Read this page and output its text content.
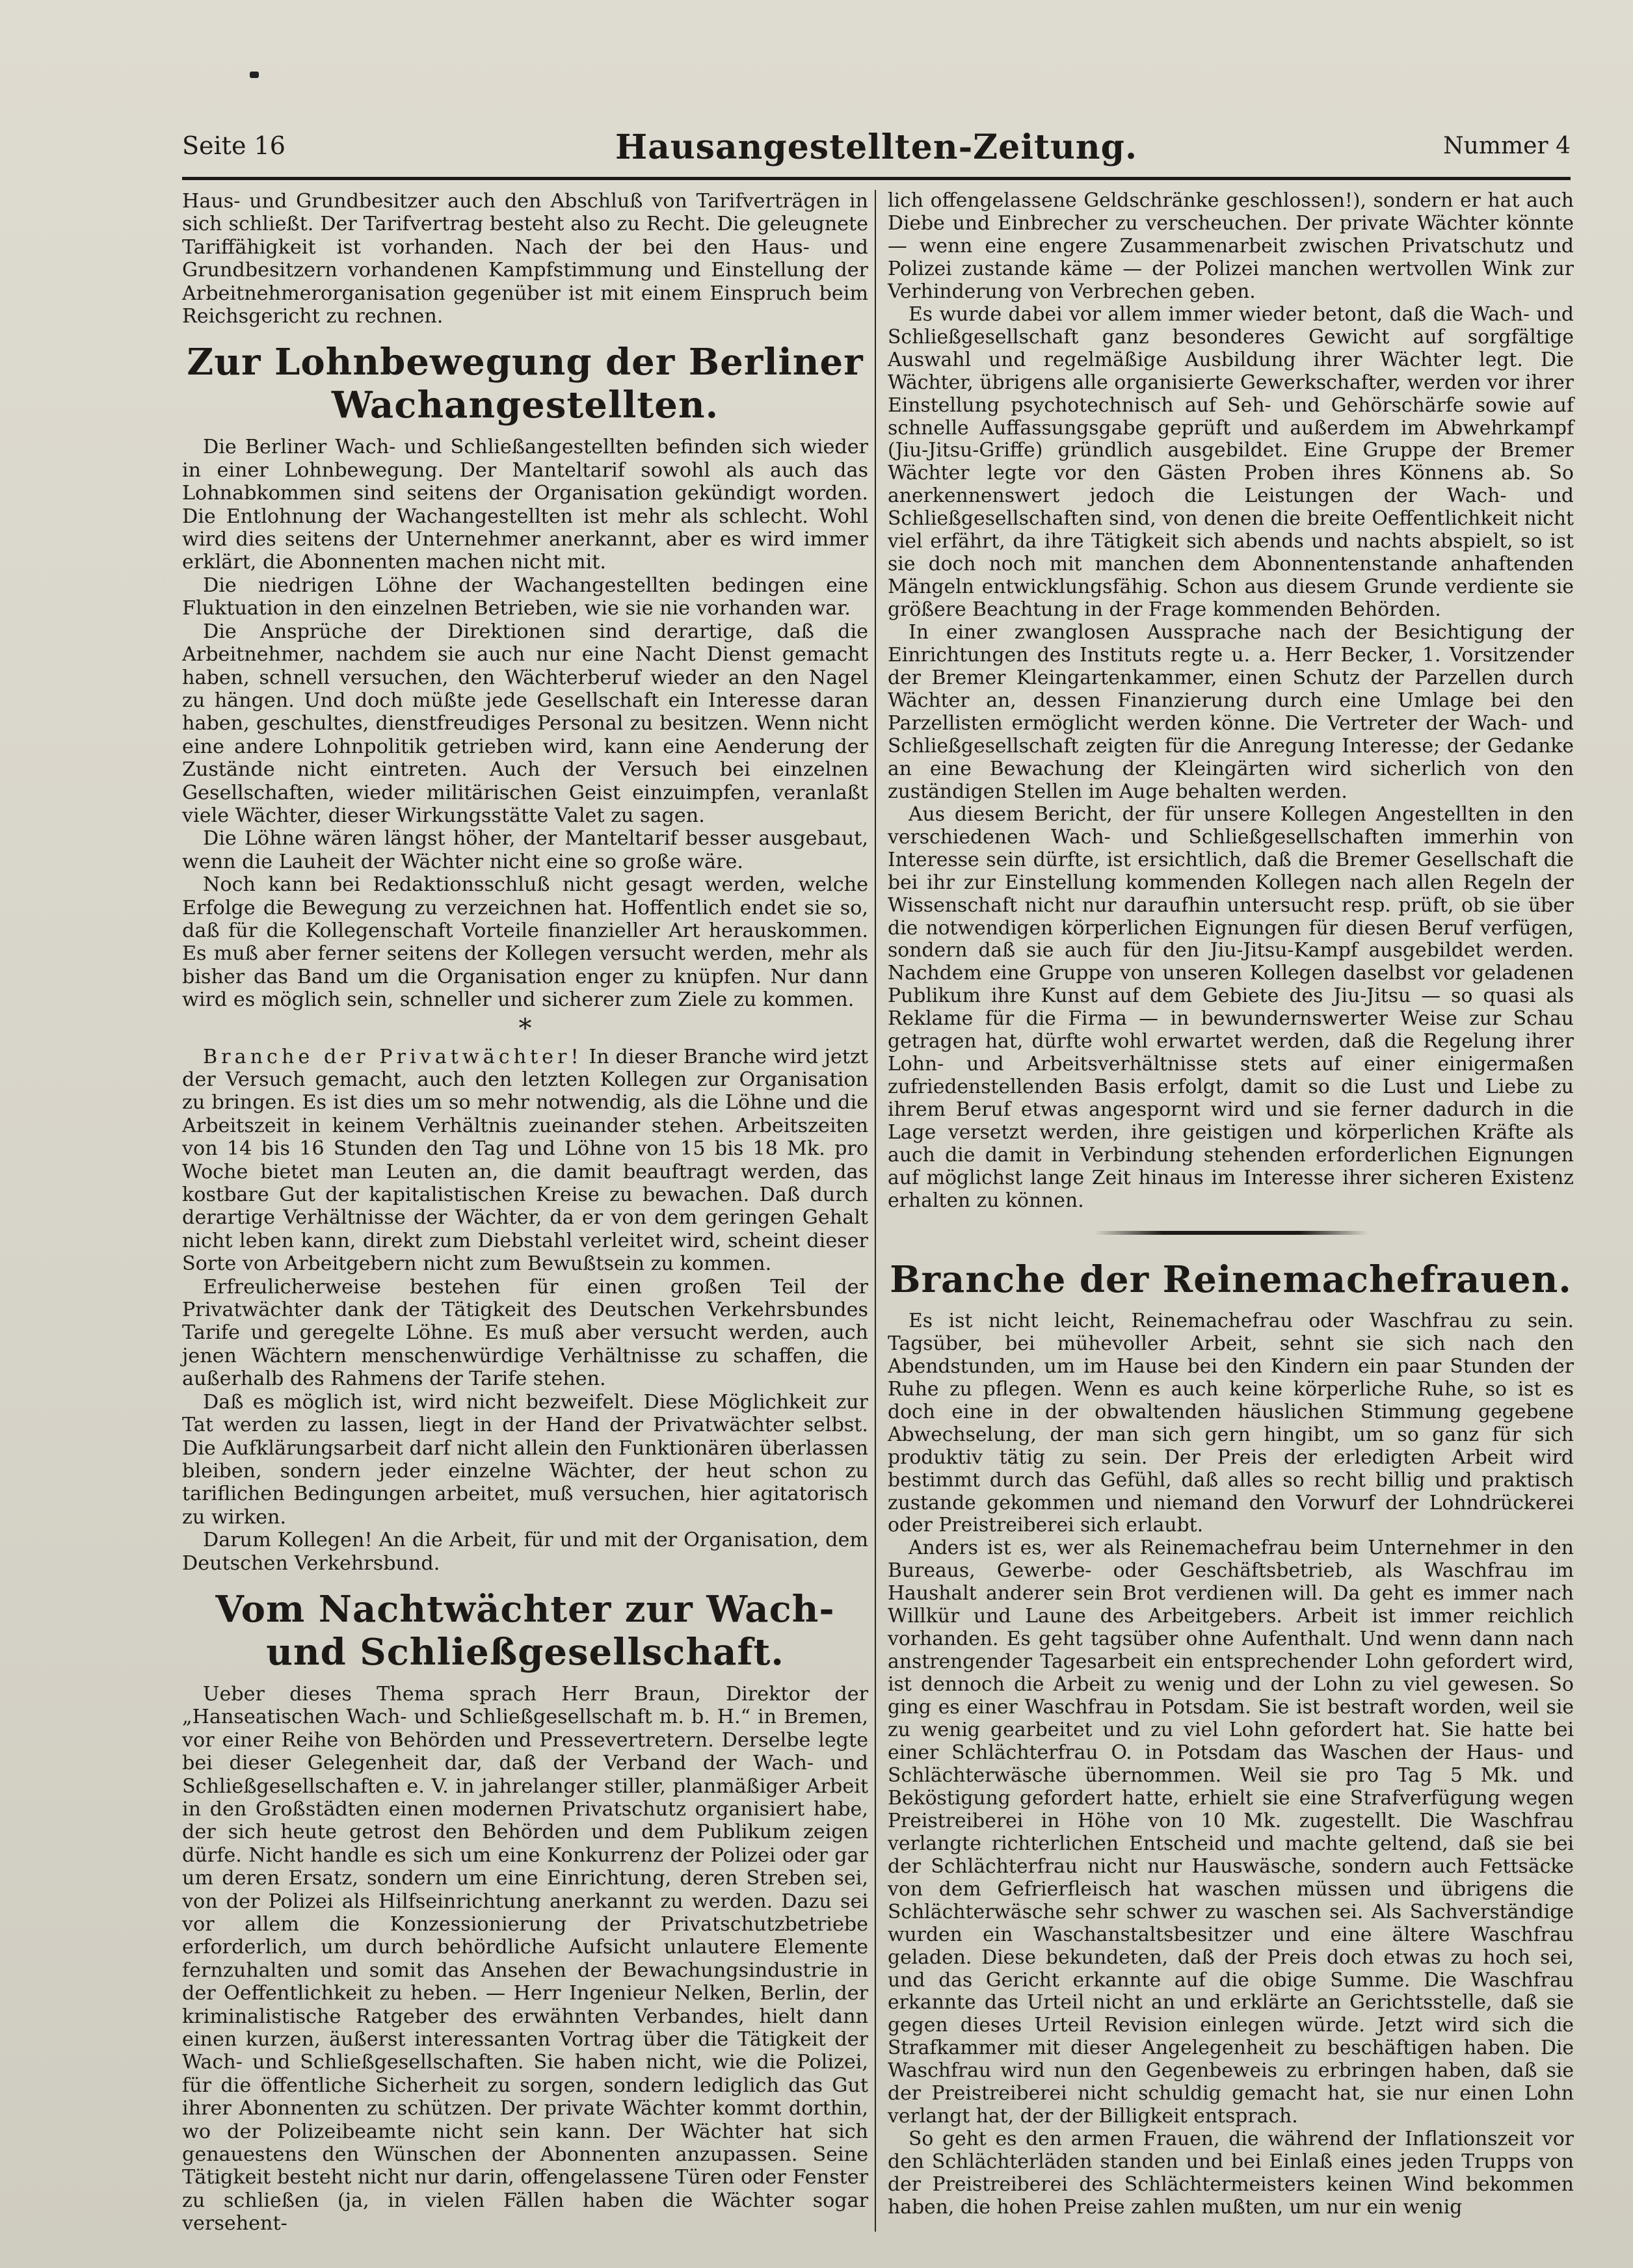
Seite 16	Hausangestellten-Zeitung.	Nummer 4

Haus- und Grundbesitzer auch den Abschluß von Tarifverträgen in sich schließt. Der Tarifvertrag besteht also zu Recht. Die geleugnete Tariffähigkeit ist vorhanden. Nach der bei den Haus- und Grundbesitzern vorhandenen Kampfstimmung und Einstellung der Arbeitnehmerorganisation gegenüber ist mit einem Einspruch beim Reichsgericht zu rechnen.

Zur Lohnbewegung der Berliner Wachangestellten.

Die Berliner Wach- und Schließangestellten befinden sich wieder in einer Lohnbewegung. Der Manteltarif sowohl als auch das Lohnabkommen sind seitens der Organisation gekündigt worden. Die Entlohnung der Wachangestellten ist mehr als schlecht. Wohl wird dies seitens der Unternehmer anerkannt, aber es wird immer erklärt, die Abonnenten machen nicht mit.

Die niedrigen Löhne der Wachangestellten bedingen eine Fluktuation in den einzelnen Betrieben, wie sie nie vorhanden war.

Die Ansprüche der Direktionen sind derartige, daß die Arbeitnehmer, nachdem sie auch nur eine Nacht Dienst gemacht haben, schnell versuchen, den Wächterberuf wieder an den Nagel zu hängen. Und doch müßte jede Gesellschaft ein Interesse daran haben, geschultes, dienstfreudiges Personal zu besitzen. Wenn nicht eine andere Lohnpolitik getrieben wird, kann eine Aenderung der Zustände nicht eintreten. Auch der Versuch bei einzelnen Gesellschaften, wieder militärischen Geist einzuimpfen, veranlaßt viele Wächter, dieser Wirkungsstätte Valet zu sagen.

Die Löhne wären längst höher, der Manteltarif besser ausgebaut, wenn die Lauheit der Wächter nicht eine so große wäre.

Noch kann bei Redaktionsschluß nicht gesagt werden, welche Erfolge die Bewegung zu verzeichnen hat. Hoffentlich endet sie so, daß für die Kollegenschaft Vorteile finanzieller Art herauskommen. Es muß aber ferner seitens der Kollegen versucht werden, mehr als bisher das Band um die Organisation enger zu knüpfen. Nur dann wird es möglich sein, schneller und sicherer zum Ziele zu kommen.

*

Branche der Privatwächter! In dieser Branche wird jetzt der Versuch gemacht, auch den letzten Kollegen zur Organisation zu bringen. Es ist dies um so mehr notwendig, als die Löhne und die Arbeitszeit in keinem Verhältnis zueinander stehen. Arbeitszeiten von 14 bis 16 Stunden den Tag und Löhne von 15 bis 18 Mk. pro Woche bietet man Leuten an, die damit beauftragt werden, das kostbare Gut der kapitalistischen Kreise zu bewachen. Daß durch derartige Verhältnisse der Wächter, da er von dem geringen Gehalt nicht leben kann, direkt zum Diebstahl verleitet wird, scheint dieser Sorte von Arbeitgebern nicht zum Bewußtsein zu kommen.

Erfreulicherweise bestehen für einen großen Teil der Privatwächter dank der Tätigkeit des Deutschen Verkehrsbundes Tarife und geregelte Löhne. Es muß aber versucht werden, auch jenen Wächtern menschenwürdige Verhältnisse zu schaffen, die außerhalb des Rahmens der Tarife stehen.

Daß es möglich ist, wird nicht bezweifelt. Diese Möglichkeit zur Tat werden zu lassen, liegt in der Hand der Privatwächter selbst. Die Aufklärungsarbeit darf nicht allein den Funktionären überlassen bleiben, sondern jeder einzelne Wächter, der heut schon zu tariflichen Bedingungen arbeitet, muß versuchen, hier agitatorisch zu wirken.

Darum Kollegen! An die Arbeit, für und mit der Organisation, dem Deutschen Verkehrsbund.

Vom Nachtwächter zur Wach- und Schließgesellschaft.

Ueber dieses Thema sprach Herr Braun, Direktor der „Hanseatischen Wach- und Schließgesellschaft m. b. H.“ in Bremen, vor einer Reihe von Behörden und Pressevertretern. Derselbe legte bei dieser Gelegenheit dar, daß der Verband der Wach- und Schließgesellschaften e. V. in jahrelanger stiller, planmäßiger Arbeit in den Großstädten einen modernen Privatschutz organisiert habe, der sich heute getrost den Behörden und dem Publikum zeigen dürfe. Nicht handle es sich um eine Konkurrenz der Polizei oder gar um deren Ersatz, sondern um eine Einrichtung, deren Streben sei, von der Polizei als Hilfseinrichtung anerkannt zu werden. Dazu sei vor allem die Konzessionierung der Privatschutzbetriebe erforderlich, um durch behördliche Aufsicht unlautere Elemente fernzuhalten und somit das Ansehen der Bewachungsindustrie in der Oeffentlichkeit zu heben. — Herr Ingenieur Nelken, Berlin, der kriminalistische Ratgeber des erwähnten Verbandes, hielt dann einen kurzen, äußerst interessanten Vortrag über die Tätigkeit der Wach- und Schließgesellschaften. Sie haben nicht, wie die Polizei, für die öffentliche Sicherheit zu sorgen, sondern lediglich das Gut ihrer Abonnenten zu schützen. Der private Wächter kommt dorthin, wo der Polizeibeamte nicht sein kann. Der Wächter hat sich genauestens den Wünschen der Abonnenten anzupassen. Seine Tätigkeit besteht nicht nur darin, offengelassene Türen oder Fenster zu schließen (ja, in vielen Fällen haben die Wächter sogar versehent-

lich offengelassene Geldschränke geschlossen!), sondern er hat auch Diebe und Einbrecher zu verscheuchen. Der private Wächter könnte — wenn eine engere Zusammenarbeit zwischen Privatschutz und Polizei zustande käme — der Polizei manchen wertvollen Wink zur Verhinderung von Verbrechen geben.

Es wurde dabei vor allem immer wieder betont, daß die Wach- und Schließgesellschaft ganz besonderes Gewicht auf sorgfältige Auswahl und regelmäßige Ausbildung ihrer Wächter legt. Die Wächter, übrigens alle organisierte Gewerkschafter, werden vor ihrer Einstellung psychotechnisch auf Seh- und Gehörschärfe sowie auf schnelle Auffassungsgabe geprüft und außerdem im Abwehrkampf (Jiu-Jitsu-Griffe) gründlich ausgebildet. Eine Gruppe der Bremer Wächter legte vor den Gästen Proben ihres Könnens ab. So anerkennenswert jedoch die Leistungen der Wach- und Schließgesellschaften sind, von denen die breite Oeffentlichkeit nicht viel erfährt, da ihre Tätigkeit sich abends und nachts abspielt, so ist sie doch noch mit manchen dem Abonnentenstande anhaftenden Mängeln entwicklungsfähig. Schon aus diesem Grunde verdiente sie größere Beachtung in der Frage kommenden Behörden.

In einer zwanglosen Aussprache nach der Besichtigung der Einrichtungen des Instituts regte u. a. Herr Becker, 1. Vorsitzender der Bremer Kleingartenkammer, einen Schutz der Parzellen durch Wächter an, dessen Finanzierung durch eine Umlage bei den Parzellisten ermöglicht werden könne. Die Vertreter der Wach- und Schließgesellschaft zeigten für die Anregung Interesse; der Gedanke an eine Bewachung der Kleingärten wird sicherlich von den zuständigen Stellen im Auge behalten werden.

Aus diesem Bericht, der für unsere Kollegen Angestellten in den verschiedenen Wach- und Schließgesellschaften immerhin von Interesse sein dürfte, ist ersichtlich, daß die Bremer Gesellschaft die bei ihr zur Einstellung kommenden Kollegen nach allen Regeln der Wissenschaft nicht nur daraufhin untersucht resp. prüft, ob sie über die notwendigen körperlichen Eignungen für diesen Beruf verfügen, sondern daß sie auch für den Jiu-Jitsu-Kampf ausgebildet werden. Nachdem eine Gruppe von unseren Kollegen daselbst vor geladenen Publikum ihre Kunst auf dem Gebiete des Jiu-Jitsu — so quasi als Reklame für die Firma — in bewundernswerter Weise zur Schau getragen hat, dürfte wohl erwartet werden, daß die Regelung ihrer Lohn- und Arbeitsverhältnisse stets auf einer einigermaßen zufriedenstellenden Basis erfolgt, damit so die Lust und Liebe zu ihrem Beruf etwas angespornt wird und sie ferner dadurch in die Lage versetzt werden, ihre geistigen und körperlichen Kräfte als auch die damit in Verbindung stehenden erforderlichen Eignungen auf möglichst lange Zeit hinaus im Interesse ihrer sicheren Existenz erhalten zu können.

Branche der Reinemachefrauen.

Es ist nicht leicht, Reinemachefrau oder Waschfrau zu sein. Tagsüber, bei mühevoller Arbeit, sehnt sie sich nach den Abendstunden, um im Hause bei den Kindern ein paar Stunden der Ruhe zu pflegen. Wenn es auch keine körperliche Ruhe, so ist es doch eine in der obwaltenden häuslichen Stimmung gegebene Abwechselung, der man sich gern hingibt, um so ganz für sich produktiv tätig zu sein. Der Preis der erledigten Arbeit wird bestimmt durch das Gefühl, daß alles so recht billig und praktisch zustande gekommen und niemand den Vorwurf der Lohndrückerei oder Preistreiberei sich erlaubt.

Anders ist es, wer als Reinemachefrau beim Unternehmer in den Bureaus, Gewerbe- oder Geschäftsbetrieb, als Waschfrau im Haushalt anderer sein Brot verdienen will. Da geht es immer nach Willkür und Laune des Arbeitgebers. Arbeit ist immer reichlich vorhanden. Es geht tagsüber ohne Aufenthalt. Und wenn dann nach anstrengender Tagesarbeit ein entsprechender Lohn gefordert wird, ist dennoch die Arbeit zu wenig und der Lohn zu viel gewesen. So ging es einer Waschfrau in Potsdam. Sie ist bestraft worden, weil sie zu wenig gearbeitet und zu viel Lohn gefordert hat. Sie hatte bei einer Schlächterfrau O. in Potsdam das Waschen der Haus- und Schlächterwäsche übernommen. Weil sie pro Tag 5 Mk. und Beköstigung gefordert hatte, erhielt sie eine Strafverfügung wegen Preistreiberei in Höhe von 10 Mk. zugestellt. Die Waschfrau verlangte richterlichen Entscheid und machte geltend, daß sie bei der Schlächterfrau nicht nur Hauswäsche, sondern auch Fettsäcke von dem Gefrierfleisch hat waschen müssen und übrigens die Schlächterwäsche sehr schwer zu waschen sei. Als Sachverständige wurden ein Waschanstaltsbesitzer und eine ältere Waschfrau geladen. Diese bekundeten, daß der Preis doch etwas zu hoch sei, und das Gericht erkannte auf die obige Summe. Die Waschfrau erkannte das Urteil nicht an und erklärte an Gerichtsstelle, daß sie gegen dieses Urteil Revision einlegen würde. Jetzt wird sich die Strafkammer mit dieser Angelegenheit zu beschäftigen haben. Die Waschfrau wird nun den Gegenbeweis zu erbringen haben, daß sie der Preistreiberei nicht schuldig gemacht hat, sie nur einen Lohn verlangt hat, der der Billigkeit entsprach.

So geht es den armen Frauen, die während der Inflationszeit vor den Schlächterläden standen und bei Einlaß eines jeden Trupps von der Preistreiberei des Schlächtermeisters keinen Wind bekommen haben, die hohen Preise zahlen mußten, um nur ein wenig
